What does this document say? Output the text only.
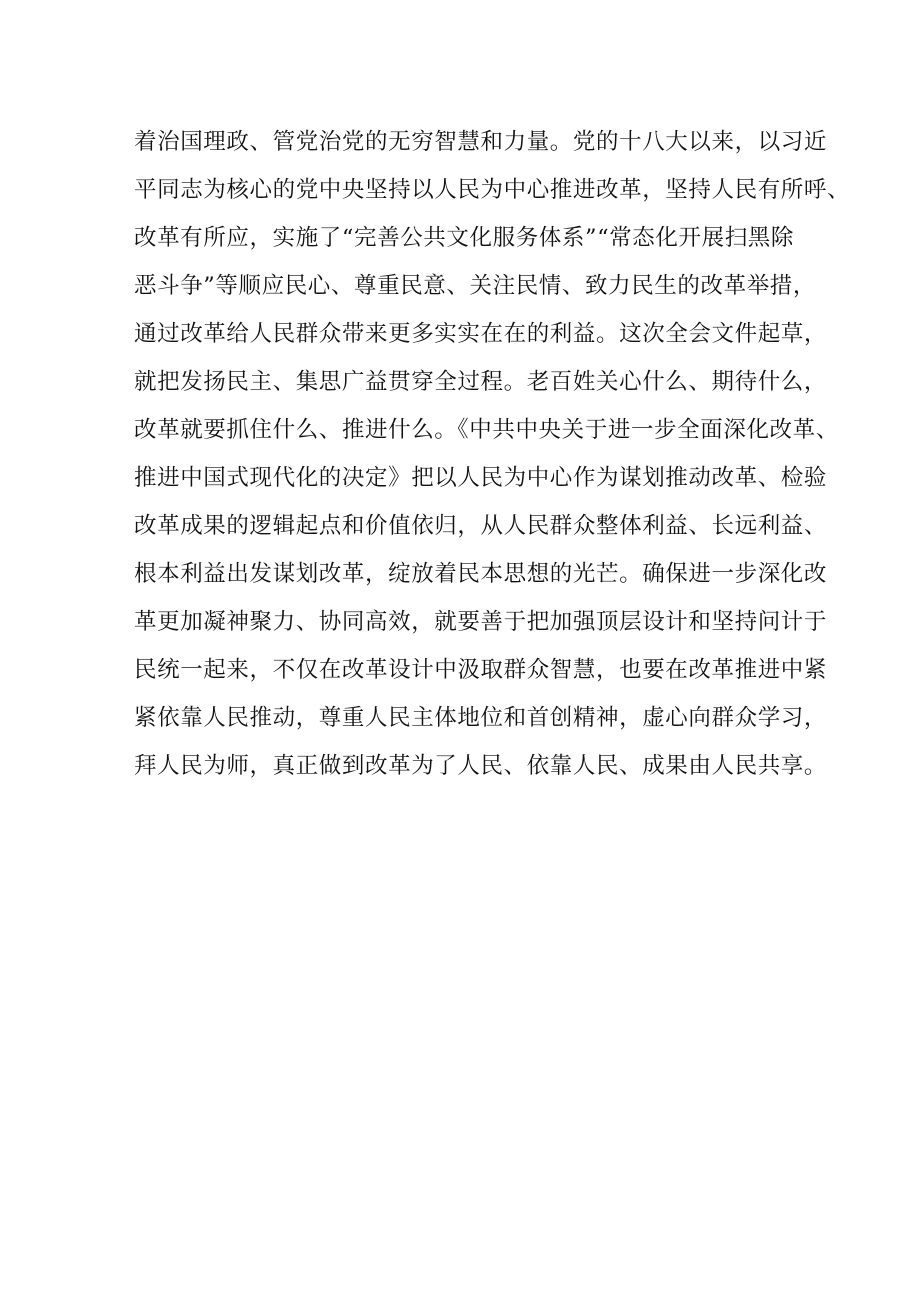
着治国理政、管党治党的无穷智慧和力量。党的十八大以来，以习近
平同志为核心的党中央坚持以人民为中心推进改革，坚持人民有所呼、
改革有所应，实施了“完善公共文化服务体系”“常态化开展扫黑除
恶斗争”等顺应民心、尊重民意、关注民情、致力民生的改革举措，
通过改革给人民群众带来更多实实在在的利益。这次全会文件起草，
就把发扬民主、集思广益贯穿全过程。老百姓关心什么、期待什么，
改革就要抓住什么、推进什么。《中共中央关于进一步全面深化改革、
推进中国式现代化的决定》把以人民为中心作为谋划推动改革、检验
改革成果的逻辑起点和价值依归，从人民群众整体利益、长远利益、
根本利益出发谋划改革，绽放着民本思想的光芒。确保进一步深化改
革更加凝神聚力、协同高效，就要善于把加强顶层设计和坚持问计于
民统一起来，不仅在改革设计中汲取群众智慧，也要在改革推进中紧
紧依靠人民推动，尊重人民主体地位和首创精神，虚心向群众学习，
拜人民为师，真正做到改革为了人民、依靠人民、成果由人民共享。
